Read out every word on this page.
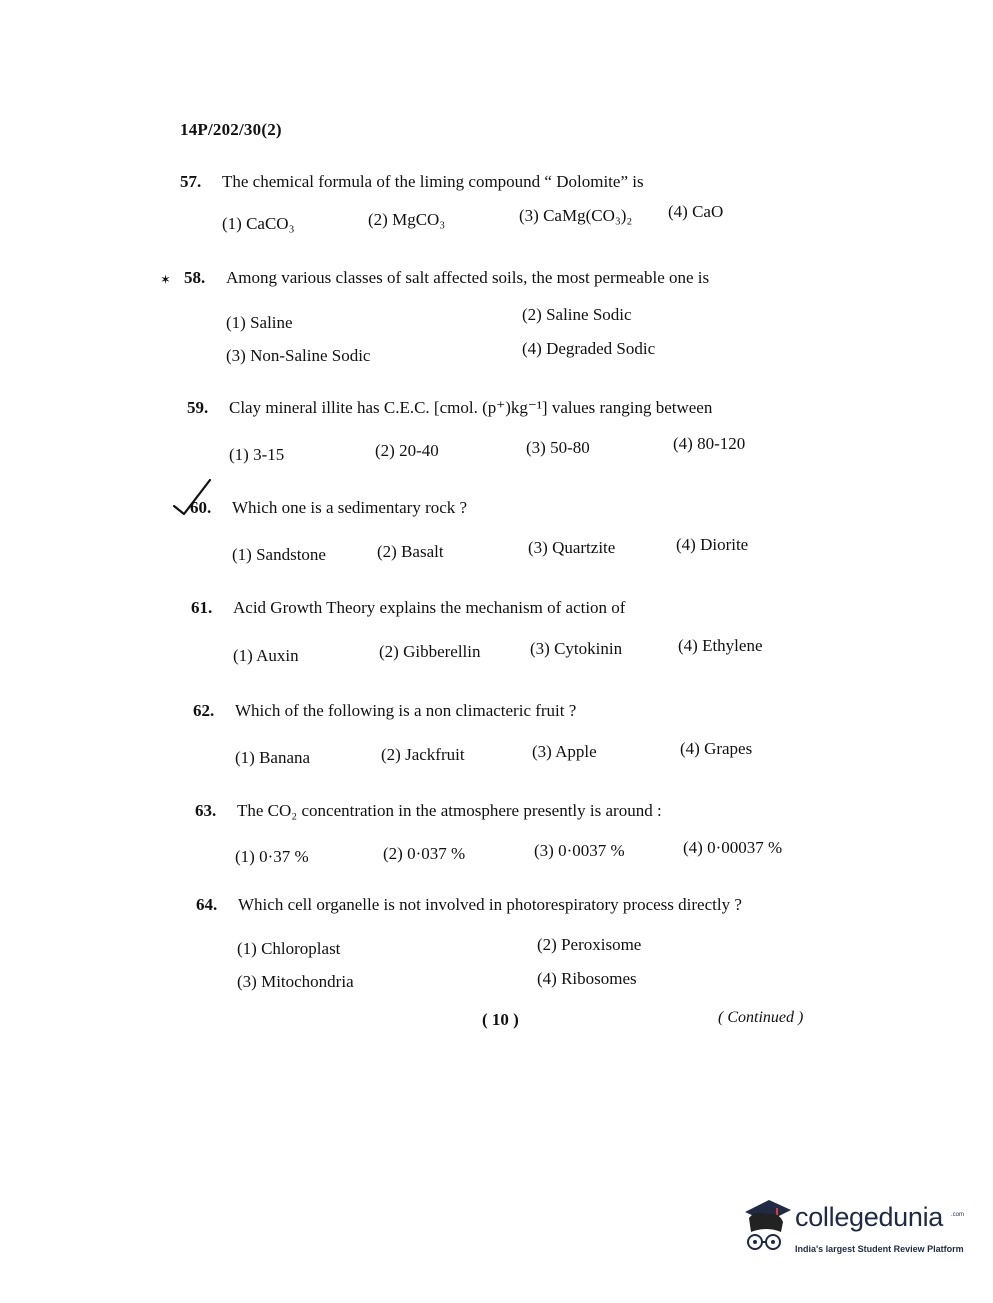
14P/202/30(2)
57. The chemical formula of the liming compound “ Dolomite” is
(1) CaCO₃	(2) MgCO₃	(3) CaMg(CO₃)₂ (4) CaO
✶ 58. Among various classes of salt affected soils, the most permeable one is
(1) Saline	(2) Saline Sodic
(3) Non-Saline Sodic	(4) Degraded Sodic
59. Clay mineral illite has C.E.C. [cmol. (p⁺)kg⁻¹] values ranging between
(1) 3-15	(2) 20-40	(3) 50-80	(4) 80-120
60. Which one is a sedimentary rock ?
(1) Sandstone	(2) Basalt	(3) Quartzite	(4) Diorite
61. Acid Growth Theory explains the mechanism of action of
(1) Auxin	(2) Gibberellin	(3) Cytokinin	(4) Ethylene
62. Which of the following is a non climacteric fruit ?
(1) Banana	(2) Jackfruit	(3) Apple	(4) Grapes
63. The CO₂ concentration in the atmosphere presently is around :
(1) 0·37 %	(2) 0·037 %	(3) 0·0037 %	(4) 0·00037 %
64. Which cell organelle is not involved in photorespiratory process directly ?
(1) Chloroplast	(2) Peroxisome
(3) Mitochondria	(4) Ribosomes
( 10 )	( Continued )
collegedunia .com
India's largest Student Review Platform
